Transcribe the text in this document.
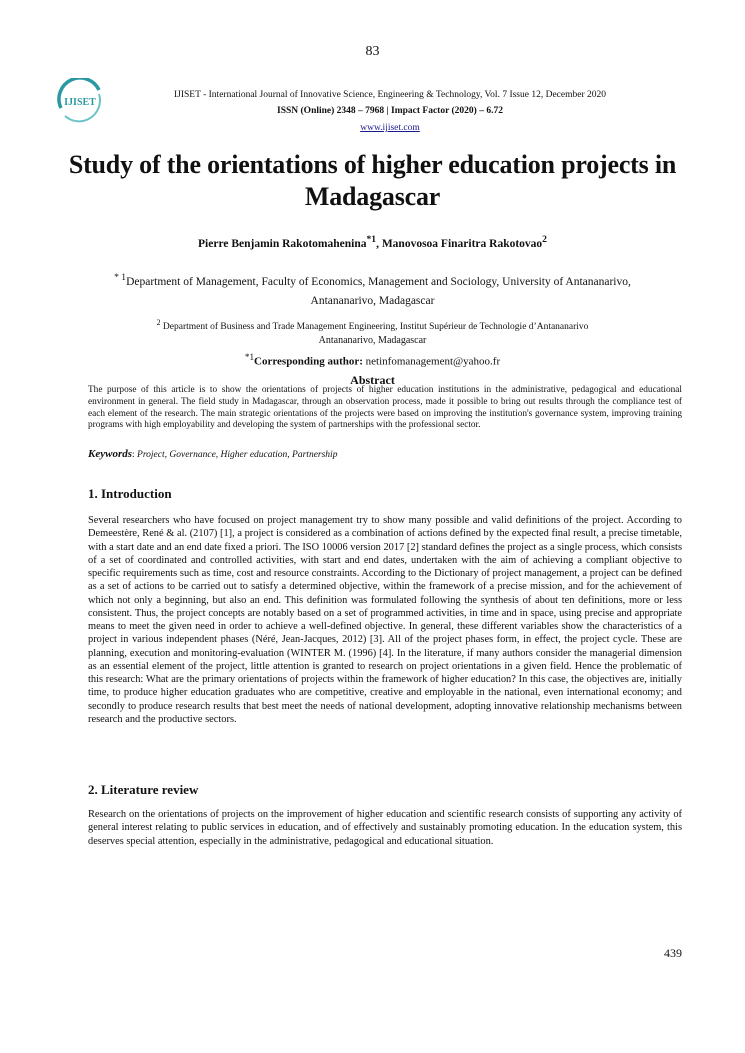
83
IJISET
IJISET - International Journal of Innovative Science, Engineering & Technology, Vol. 7 Issue 12, December 2020
ISSN (Online) 2348 – 7968 | Impact Factor (2020) – 6.72
www.ijiset.com
Study of the orientations of higher education projects in Madagascar
Pierre Benjamin Rakotomahenina$^{*1}$, Manovosoa Finaritra Rakotovao$^2$
$^{* 1}$Department of Management, Faculty of Economics, Management and Sociology, University of Antananarivo,
Antananarivo, Madagascar
$^2$ Department of Business and Trade Management Engineering, Institut Supérieur de Technologie d’Antananarivo
Antananarivo, Madagascar
$^{*1}$Corresponding author: netinfomanagement@yahoo.fr
Abstract
The purpose of this article is to show the orientations of projects of higher education institutions in the administrative, pedagogical and educational environment in general. The field study in Madagascar, through an observation process, made it possible to bring out results through the compliance test of each element of the research. The main strategic orientations of the projects were based on improving the institution's governance system, improving training programs with high employability and developing the system of partnerships with the professional sector.
Keywords: Project, Governance, Higher education, Partnership
1. Introduction
Several researchers who have focused on project management try to show many possible and valid definitions of the project. According to Demeestère, René & al. (2107) [1], a project is considered as a combination of actions defined by the expected final result, a precise timetable, with a start date and an end date fixed a priori. The ISO 10006 version 2017 [2] standard defines the project as a single process, which consists of a set of coordinated and controlled activities, with start and end dates, undertaken with the aim of achieving a compliant objective to specific requirements such as time, cost and resource constraints. According to the Dictionary of project management, a project can be defined as a set of actions to be carried out to satisfy a determined objective, within the framework of a precise mission, and for the achievement of which not only a beginning, but also an end. This definition was formulated following the synthesis of about ten definitions, more or less consistent. Thus, the project concepts are notably based on a set of programmed activities, in time and in space, using precise and appropriate means to meet the given need in order to achieve a well-defined objective. In general, these different variables show the characteristics of a project in various independent phases (Néré, Jean-Jacques, 2012) [3]. All of the project phases form, in effect, the project cycle. These are planning, execution and monitoring-evaluation (WINTER M. (1996) [4]. In the literature, if many authors consider the managerial dimension as an essential element of the project, little attention is granted to research on project orientations in a given field. Hence the problematic of this research: What are the primary orientations of projects within the framework of higher education? In this case, the objectives are, initially time, to produce higher education graduates who are competitive, creative and employable in the national, even international economy; and secondly to produce research results that best meet the needs of national development, adopting innovative relationship mechanisms between research and the productive sectors.
2. Literature review
Research on the orientations of projects on the improvement of higher education and scientific research consists of supporting any activity of general interest relating to public services in education, and of effectively and sustainably promoting education. In the education system, this deserves special attention, especially in the administrative, pedagogical and educational situation.
439
